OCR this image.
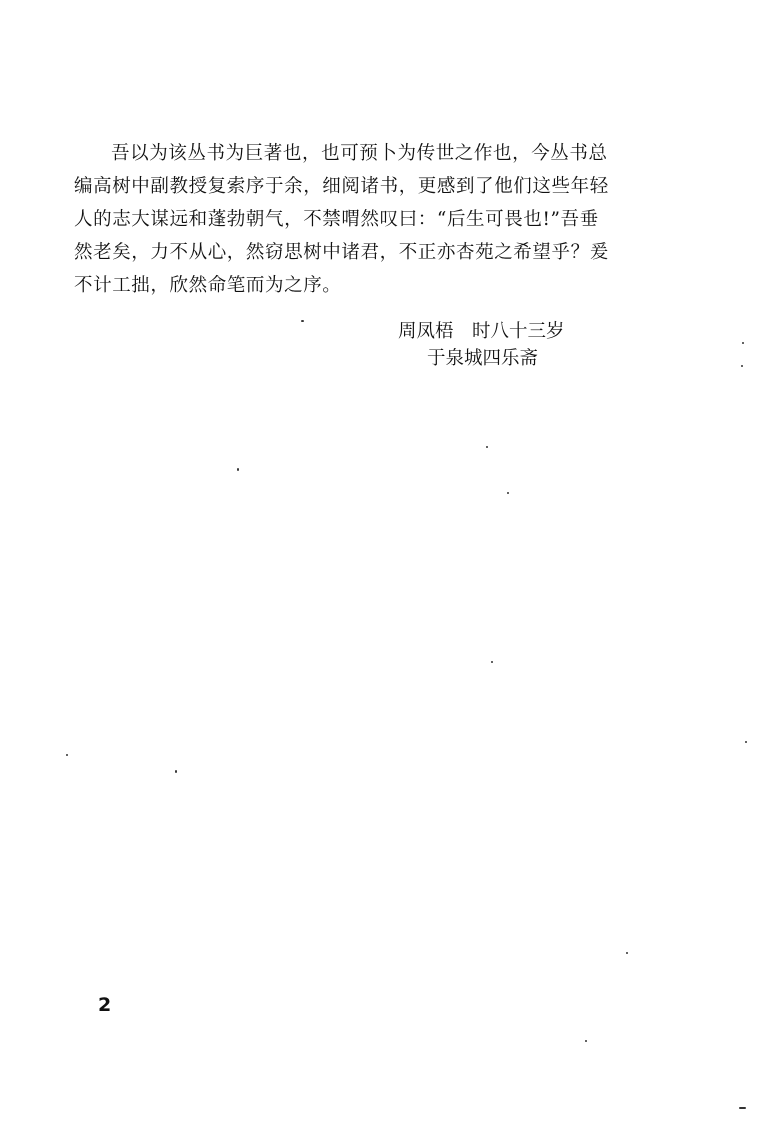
吾以为该丛书为巨著也，也可预卜为传世之作也，今丛书总
编高树中副教授复索序于余，细阅诸书，更感到了他们这些年轻
人的志大谋远和蓬勃朝气，不禁喟然叹曰：“后生可畏也!”吾垂
然老矣，力不从心，然窃思树中诸君，不正亦杏苑之希望乎？爰
不计工拙，欣然命笔而为之序。
周凤梧　时八十三岁
于泉城四乐斋
2
